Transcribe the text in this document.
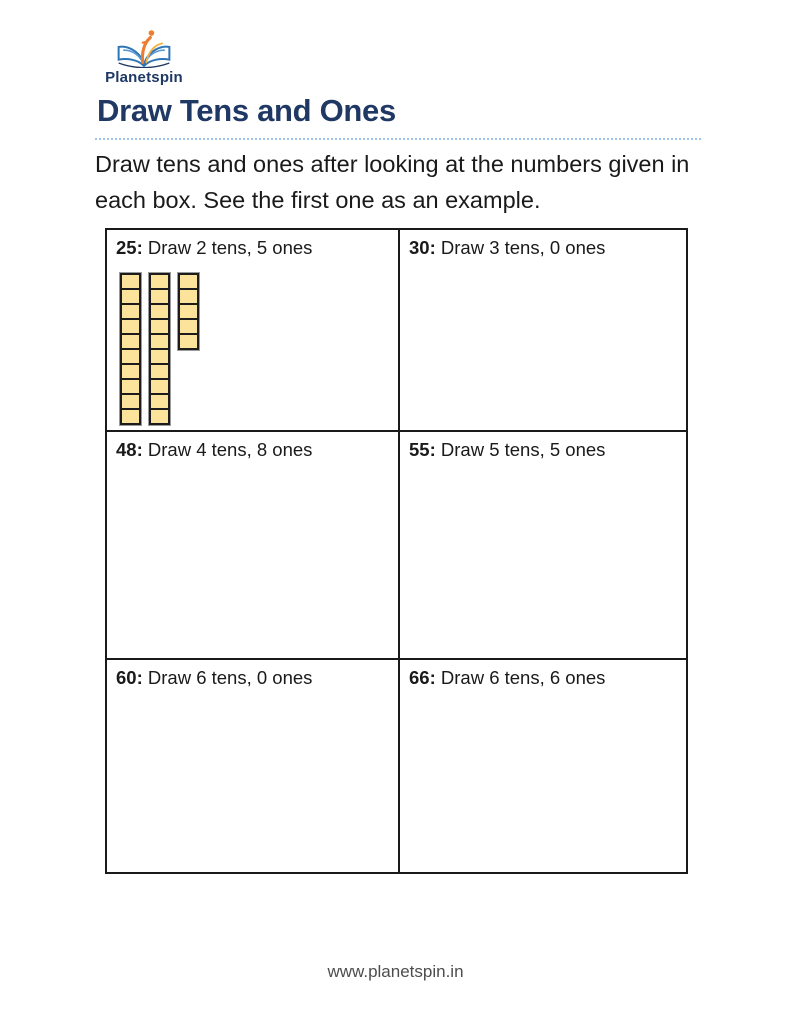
Planetspin
Draw Tens and Ones
Draw tens and ones after looking at the numbers given in each box. See the first one as an example.
25: Draw 2 tens, 5 ones	30: Draw 3 tens, 0 ones
48: Draw 4 tens, 8 ones	55: Draw 5 tens, 5 ones
60: Draw 6 tens, 0 ones	66: Draw 6 tens, 6 ones
www.planetspin.in
